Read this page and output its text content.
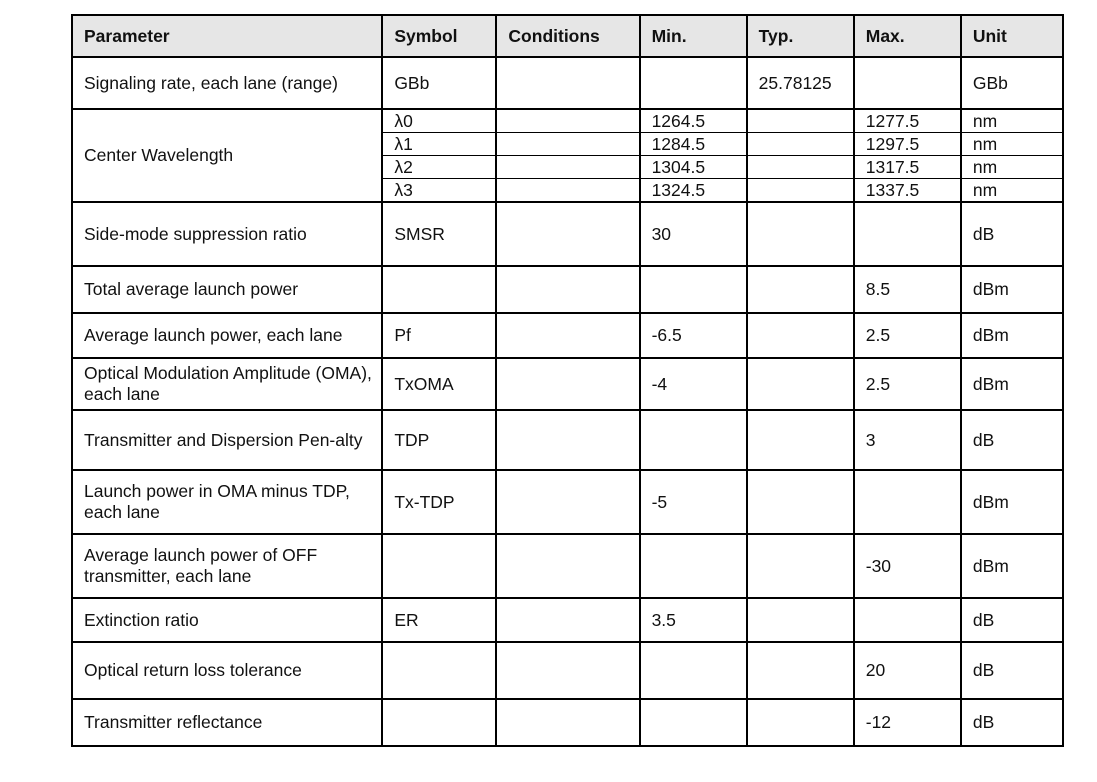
Parameter	Symbol	Conditions	Min.	Typ.	Max.	Unit
Signaling rate, each lane (range)	GBb			25.78125		GBb
Center Wavelength	λ0		1264.5		1277.5	nm
	λ1		1284.5		1297.5	nm
	λ2		1304.5		1317.5	nm
	λ3		1324.5		1337.5	nm
Side-mode suppression ratio	SMSR		30			dB
Total average launch power					8.5	dBm
Average launch power, each lane	Pf		-6.5		2.5	dBm
Optical Modulation Amplitude (OMA), each lane	TxOMA		-4		2.5	dBm
Transmitter and Dispersion Pen-alty	TDP				3	dB
Launch power in OMA minus TDP, each lane	Tx-TDP		-5			dBm
Average launch power of OFF transmitter, each lane					-30	dBm
Extinction ratio	ER		3.5			dB
Optical return loss tolerance					20	dB
Transmitter reflectance					-12	dB
